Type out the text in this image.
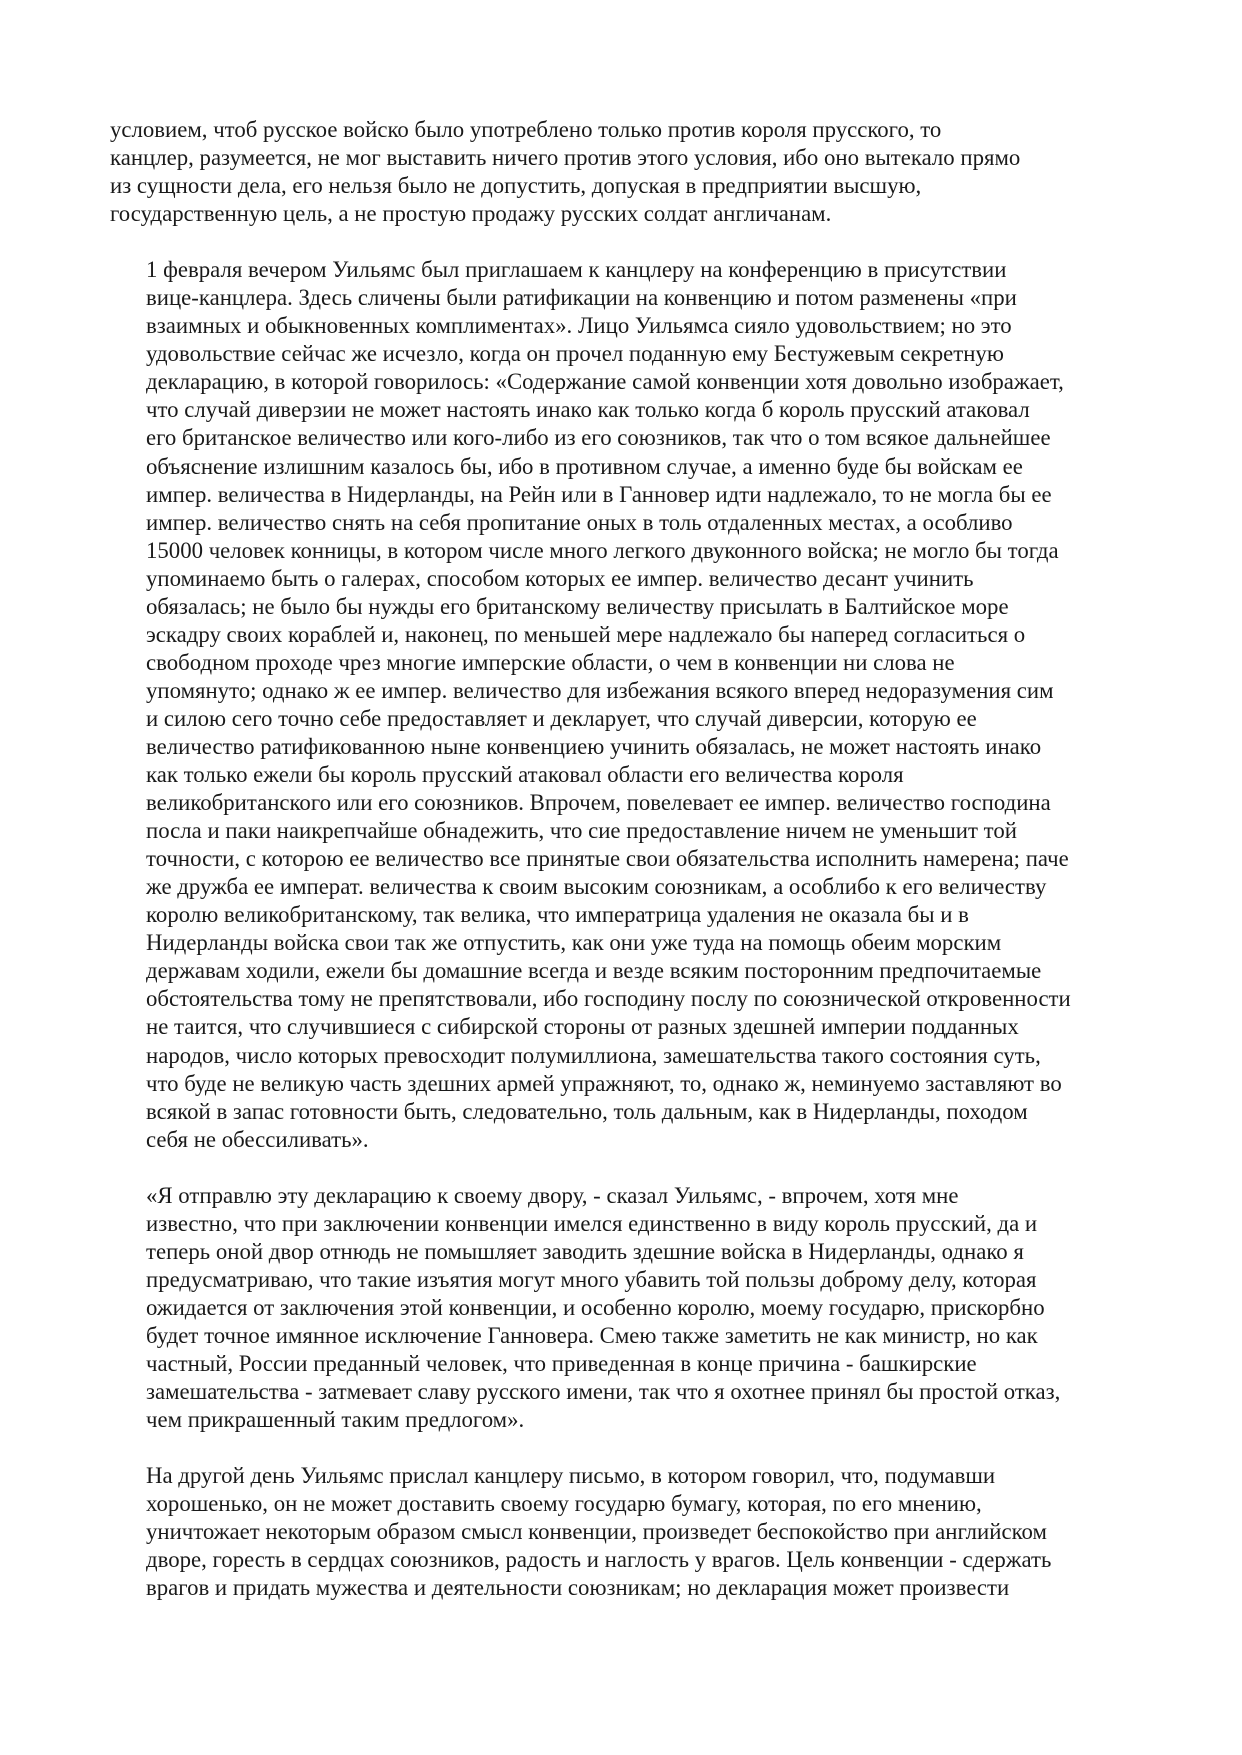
условием, чтоб русское войско было употреблено только против короля прусского, то
канцлер, разумеется, не мог выставить ничего против этого условия, ибо оно вытекало прямо
из сущности дела, его нельзя было не допустить, допуская в предприятии высшую,
государственную цель, а не простую продажу русских солдат англичанам.
1 февраля вечером Уильямс был приглашаем к канцлеру на конференцию в присутствии
вице-канцлера. Здесь сличены были ратификации на конвенцию и потом разменены «при
взаимных и обыкновенных комплиментах». Лицо Уильямса сияло удовольствием; но это
удовольствие сейчас же исчезло, когда он прочел поданную ему Бестужевым секретную
декларацию, в которой говорилось: «Содержание самой конвенции хотя довольно изображает,
что случай диверзии не может настоять инако как только когда б король прусский атаковал
его британское величество или кого-либо из его союзников, так что о том всякое дальнейшее
объяснение излишним казалось бы, ибо в противном случае, а именно буде бы войскам ее
импер. величества в Нидерланды, на Рейн или в Ганновер идти надлежало, то не могла бы ее
импер. величество снять на себя пропитание оных в толь отдаленных местах, а особливо
15000 человек конницы, в котором числе много легкого двуконного войска; не могло бы тогда
упоминаемо быть о галерах, способом которых ее импер. величество десант учинить
обязалась; не было бы нужды его британскому величеству присылать в Балтийское море
эскадру своих кораблей и, наконец, по меньшей мере надлежало бы наперед согласиться о
свободном проходе чрез многие имперские области, о чем в конвенции ни слова не
упомянуто; однако ж ее импер. величество для избежания всякого вперед недоразумения сим
и силою сего точно себе предоставляет и декларует, что случай диверсии, которую ее
величество ратификованною ныне конвенциею учинить обязалась, не может настоять инако
как только ежели бы король прусский атаковал области его величества короля
великобританского или его союзников. Впрочем, повелевает ее импер. величество господина
посла и паки наикрепчайше обнадежить, что сие предоставление ничем не уменьшит той
точности, с которою ее величество все принятые свои обязательства исполнить намерена; паче
же дружба ее императ. величества к своим высоким союзникам, а особлибо к его величеству
королю великобританскому, так велика, что императрица удаления не оказала бы и в
Нидерланды войска свои так же отпустить, как они уже туда на помощь обеим морским
державам ходили, ежели бы домашние всегда и везде всяким посторонним предпочитаемые
обстоятельства тому не препятствовали, ибо господину послу по союзнической откровенности
не таится, что случившиеся с сибирской стороны от разных здешней империи подданных
народов, число которых превосходит полумиллиона, замешательства такого состояния суть,
что буде не великую часть здешних армей упражняют, то, однако ж, неминуемо заставляют во
всякой в запас готовности быть, следовательно, толь дальным, как в Нидерланды, походом
себя не обессиливать».
«Я отправлю эту декларацию к своему двору, - сказал Уильямс, - впрочем, хотя мне
известно, что при заключении конвенции имелся единственно в виду король прусский, да и
теперь оной двор отнюдь не помышляет заводить здешние войска в Нидерланды, однако я
предусматриваю, что такие изъятия могут много убавить той пользы доброму делу, которая
ожидается от заключения этой конвенции, и особенно королю, моему государю, прискорбно
будет точное имянное исключение Ганновера. Смею также заметить не как министр, но как
частный, России преданный человек, что приведенная в конце причина - башкирские
замешательства - затмевает славу русского имени, так что я охотнее принял бы простой отказ,
чем прикрашенный таким предлогом».
На другой день Уильямс прислал канцлеру письмо, в котором говорил, что, подумавши
хорошенько, он не может доставить своему государю бумагу, которая, по его мнению,
уничтожает некоторым образом смысл конвенции, произведет беспокойство при английском
дворе, горесть в сердцах союзников, радость и наглость у врагов. Цель конвенции - сдержать
врагов и придать мужества и деятельности союзникам; но декларация может произвести
